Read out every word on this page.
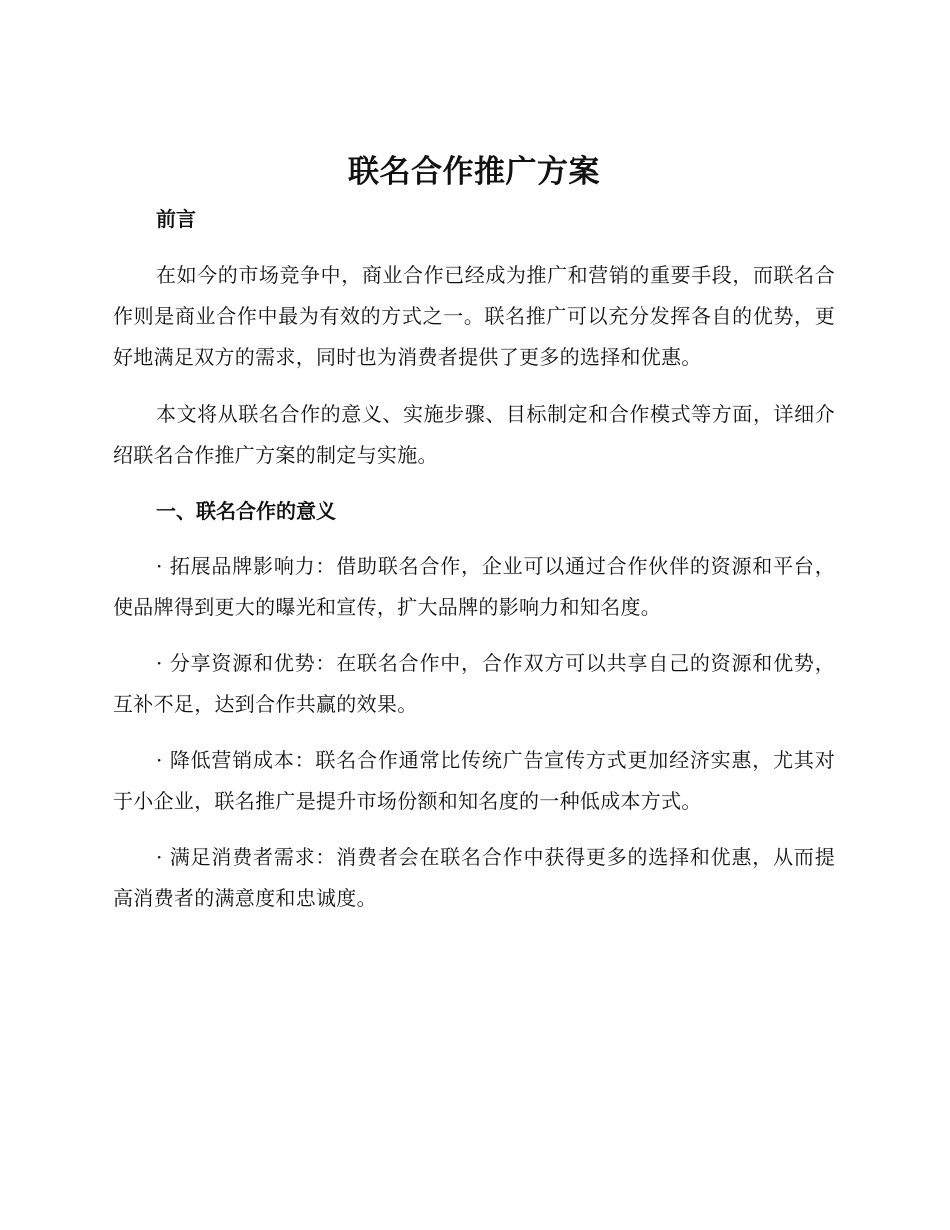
联名合作推广方案
前言

在如今的市场竞争中，商业合作已经成为推广和营销的重要手段，而联名合作则是商业合作中最为有效的方式之一。联名推广可以充分发挥各自的优势，更好地满足双方的需求，同时也为消费者提供了更多的选择和优惠。

本文将从联名合作的意义、实施步骤、目标制定和合作模式等方面，详细介绍联名合作推广方案的制定与实施。

一、联名合作的意义

· 拓展品牌影响力：借助联名合作，企业可以通过合作伙伴的资源和平台，使品牌得到更大的曝光和宣传，扩大品牌的影响力和知名度。

· 分享资源和优势：在联名合作中，合作双方可以共享自己的资源和优势，互补不足，达到合作共赢的效果。

· 降低营销成本：联名合作通常比传统广告宣传方式更加经济实惠，尤其对于小企业，联名推广是提升市场份额和知名度的一种低成本方式。

· 满足消费者需求：消费者会在联名合作中获得更多的选择和优惠，从而提高消费者的满意度和忠诚度。
